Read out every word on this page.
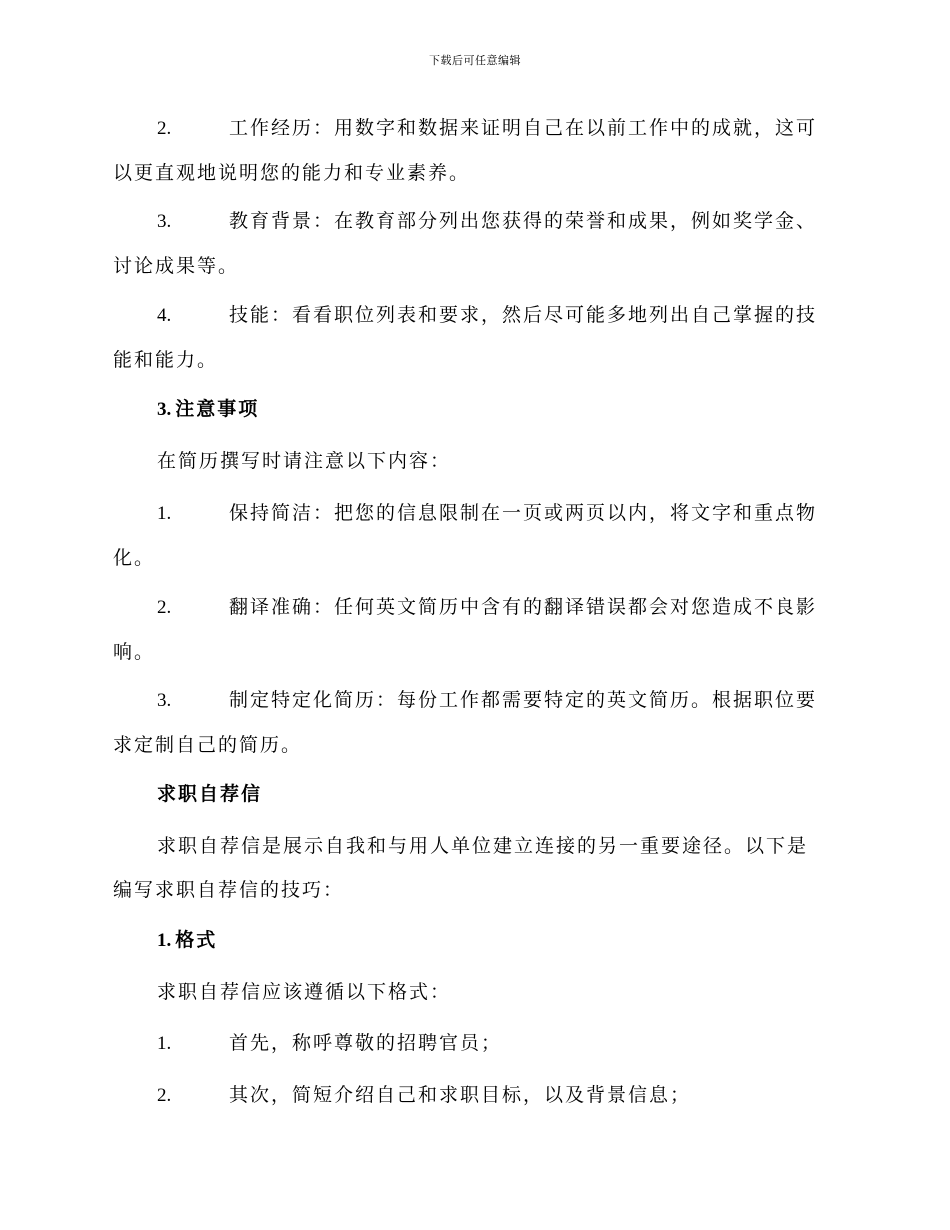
下载后可任意编辑
2.	工作经历：用数字和数据来证明自己在以前工作中的成就，这可
以更直观地说明您的能力和专业素养。
3.	教育背景：在教育部分列出您获得的荣誉和成果，例如奖学金、
讨论成果等。
4.	技能：看看职位列表和要求，然后尽可能多地列出自己掌握的技
能和能力。
3. 注意事项
在简历撰写时请注意以下内容：
1.	保持简洁：把您的信息限制在一页或两页以内，将文字和重点物
化。
2.	翻译准确：任何英文简历中含有的翻译错误都会对您造成不良影
响。
3.	制定特定化简历：每份工作都需要特定的英文简历。根据职位要
求定制自己的简历。
求职自荐信
求职自荐信是展示自我和与用人单位建立连接的另一重要途径。以下是
编写求职自荐信的技巧：
1. 格式
求职自荐信应该遵循以下格式：
1.	首先，称呼尊敬的招聘官员；
2.	其次，简短介绍自己和求职目标，以及背景信息；
